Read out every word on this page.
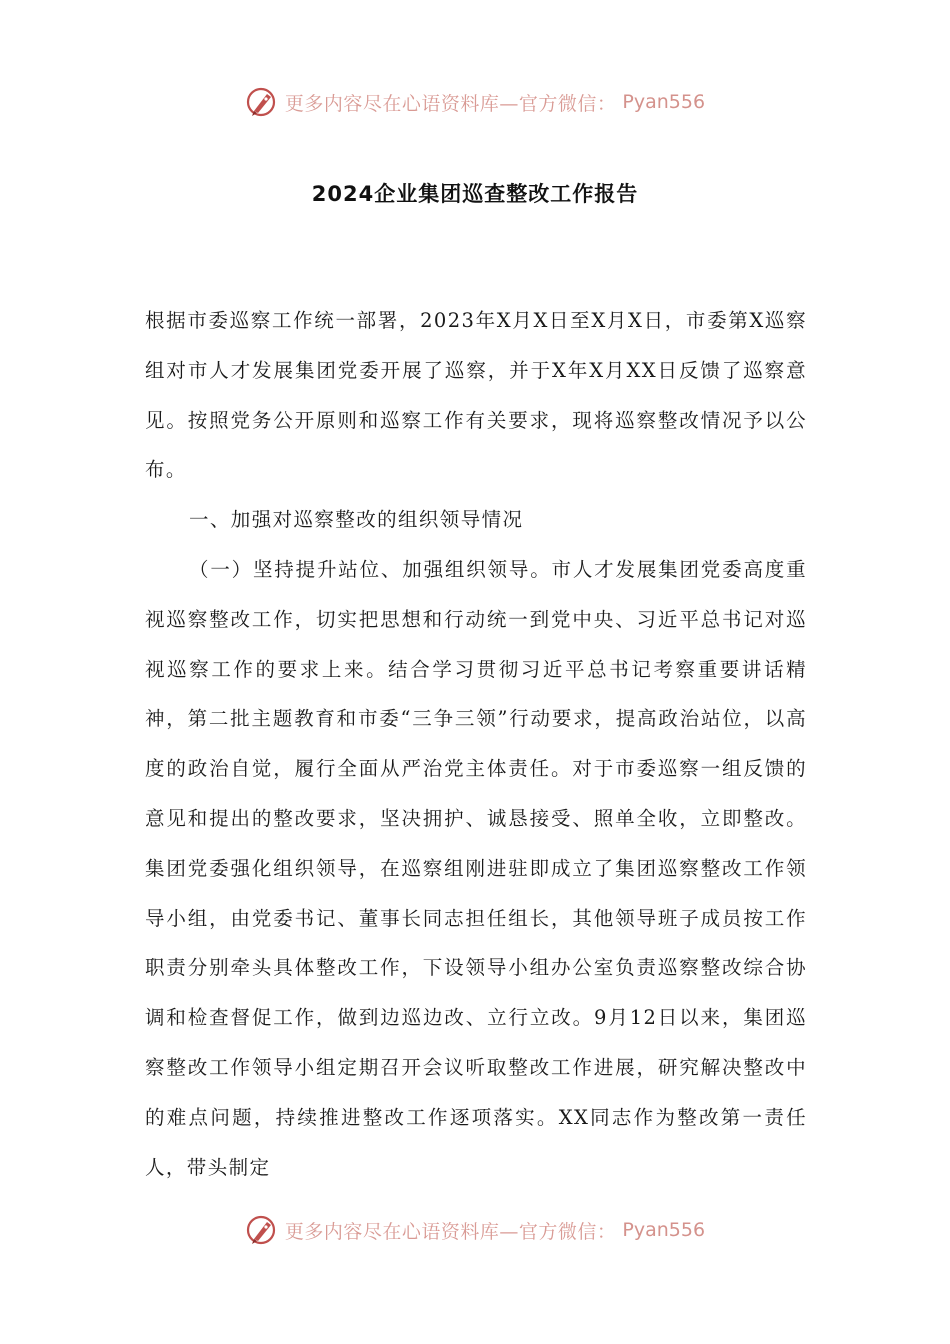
更多内容尽在心语资料库—官方微信： Pyan556
2024企业集团巡查整改工作报告

根据市委巡察工作统一部署，2023年X月X日至X月X日，市委第X巡察组对市人才发展集团党委开展了巡察，并于X年X月XX日反馈了巡察意见。按照党务公开原则和巡察工作有关要求，现将巡察整改情况予以公布。

一、加强对巡察整改的组织领导情况

（一）坚持提升站位、加强组织领导。市人才发展集团党委高度重视巡察整改工作，切实把思想和行动统一到党中央、习近平总书记对巡视巡察工作的要求上来。结合学习贯彻习近平总书记考察重要讲话精神，第二批主题教育和市委“三争三领”行动要求，提高政治站位，以高度的政治自觉，履行全面从严治党主体责任。对于市委巡察一组反馈的意见和提出的整改要求，坚决拥护、诚恳接受、照单全收，立即整改。集团党委强化组织领导，在巡察组刚进驻即成立了集团巡察整改工作领导小组，由党委书记、董事长同志担任组长，其他领导班子成员按工作职责分别牵头具体整改工作，下设领导小组办公室负责巡察整改综合协调和检查督促工作，做到边巡边改、立行立改。9月12日以来，集团巡察整改工作领导小组定期召开会议听取整改工作进展，研究解决整改中的难点问题，持续推进整改工作逐项落实。XX同志作为整改第一责任人，带头制定

更多内容尽在心语资料库—官方微信： Pyan556
